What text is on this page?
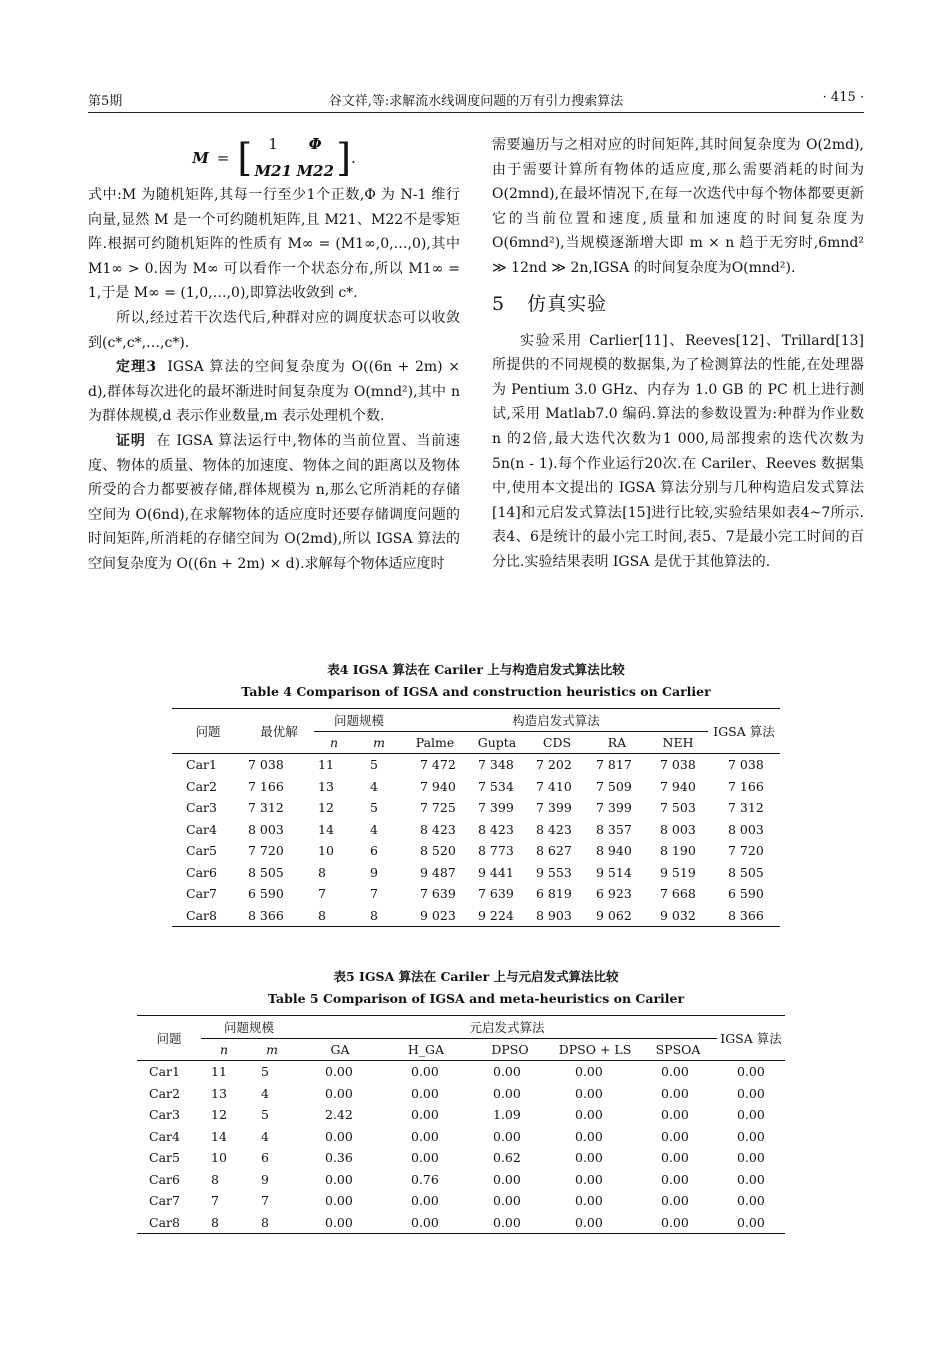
第5期	谷文祥,等:求解流水线调度问题的万有引力搜索算法	· 415 ·
M = [	1	Φ
M21 M22 ] .

式中:M 为随机矩阵,其每一行至少1个正数,Φ 为 N-1 维行向量,显然 M 是一个可约随机矩阵,且 M21、M22不是零矩阵.根据可约随机矩阵的性质有 M∞ = (M1∞,0,…,0),其中 M1∞ > 0.因为 M∞ 可以看作一个状态分布,所以 M1∞ = 1,于是 M∞ = (1,0,…,0),即算法收敛到 c*.

所以,经过若干次迭代后,种群对应的调度状态可以收敛到(c*,c*,…,c*).

定理3 IGSA 算法的空间复杂度为 O((6n + 2m) × d),群体每次进化的最坏渐进时间复杂度为 O(mnd²),其中 n 为群体规模,d 表示作业数量,m 表示处理机个数.

证明 在 IGSA 算法运行中,物体的当前位置、当前速度、物体的质量、物体的加速度、物体之间的距离以及物体所受的合力都要被存储,群体规模为 n,那么它所消耗的存储空间为 O(6nd),在求解物体的适应度时还要存储调度问题的时间矩阵,所消耗的存储空间为 O(2md),所以 IGSA 算法的空间复杂度为 O((6n + 2m) × d).求解每个物体适应度时

需要遍历与之相对应的时间矩阵,其时间复杂度为 O(2md),由于需要计算所有物体的适应度,那么需要消耗的时间为 O(2mnd),在最坏情况下,在每一次迭代中每个物体都要更新它的当前位置和速度,质量和加速度的时间复杂度为 O(6mnd²),当规模逐渐增大即 m × n 趋于无穷时,6mnd² ≫ 12nd ≫ 2n,IGSA 的时间复杂度为O(mnd²).

5 仿真实验

实验采用 Carlier[11]、Reeves[12]、Trillard[13] 所提供的不同规模的数据集,为了检测算法的性能,在处理器为 Pentium 3.0 GHz、内存为 1.0 GB 的 PC 机上进行测试,采用 Matlab7.0 编码.算法的参数设置为:种群为作业数 n 的2倍,最大迭代次数为1 000,局部搜索的迭代次数为 5n(n - 1).每个作业运行20次.在 Cariler、Reeves 数据集中,使用本文提出的 IGSA 算法分别与几种构造启发式算法[14]和元启发式算法[15]进行比较,实验结果如表4~7所示.表4、6是统计的最小完工时间,表5、7是最小完工时间的百分比.实验结果表明 IGSA 是优于其他算法的.

表4 IGSA 算法在 Cariler 上与构造启发式算法比较
Table 4 Comparison of IGSA and construction heuristics on Carlier
问题	最优解	问题规模		构造启发式算法					IGSA 算法
		n	m	Palme	Gupta	CDS	RA	NEH	
Car1	7 038	11	5	7 472	7 348	7 202	7 817	7 038	7 038
Car2	7 166	13	4	7 940	7 534	7 410	7 509	7 940	7 166
Car3	7 312	12	5	7 725	7 399	7 399	7 399	7 503	7 312
Car4	8 003	14	4	8 423	8 423	8 423	8 357	8 003	8 003
Car5	7 720	10	6	8 520	8 773	8 627	8 940	8 190	7 720
Car6	8 505	8	9	9 487	9 441	9 553	9 514	9 519	8 505
Car7	6 590	7	7	7 639	7 639	6 819	6 923	7 668	6 590
Car8	8 366	8	8	9 023	9 224	8 903	9 062	9 032	8 366
表5 IGSA 算法在 Cariler 上与元启发式算法比较
Table 5 Comparison of IGSA and meta-heuristics on Cariler
问题	问题规模		元启发式算法					IGSA 算法
	n	m	GA	H_GA	DPSO	DPSO + LS	SPSOA	
Car1	11	5	0.00	0.00	0.00	0.00	0.00	0.00
Car2	13	4	0.00	0.00	0.00	0.00	0.00	0.00
Car3	12	5	2.42	0.00	1.09	0.00	0.00	0.00
Car4	14	4	0.00	0.00	0.00	0.00	0.00	0.00
Car5	10	6	0.36	0.00	0.62	0.00	0.00	0.00
Car6	8	9	0.00	0.76	0.00	0.00	0.00	0.00
Car7	7	7	0.00	0.00	0.00	0.00	0.00	0.00
Car8	8	8	0.00	0.00	0.00	0.00	0.00	0.00
